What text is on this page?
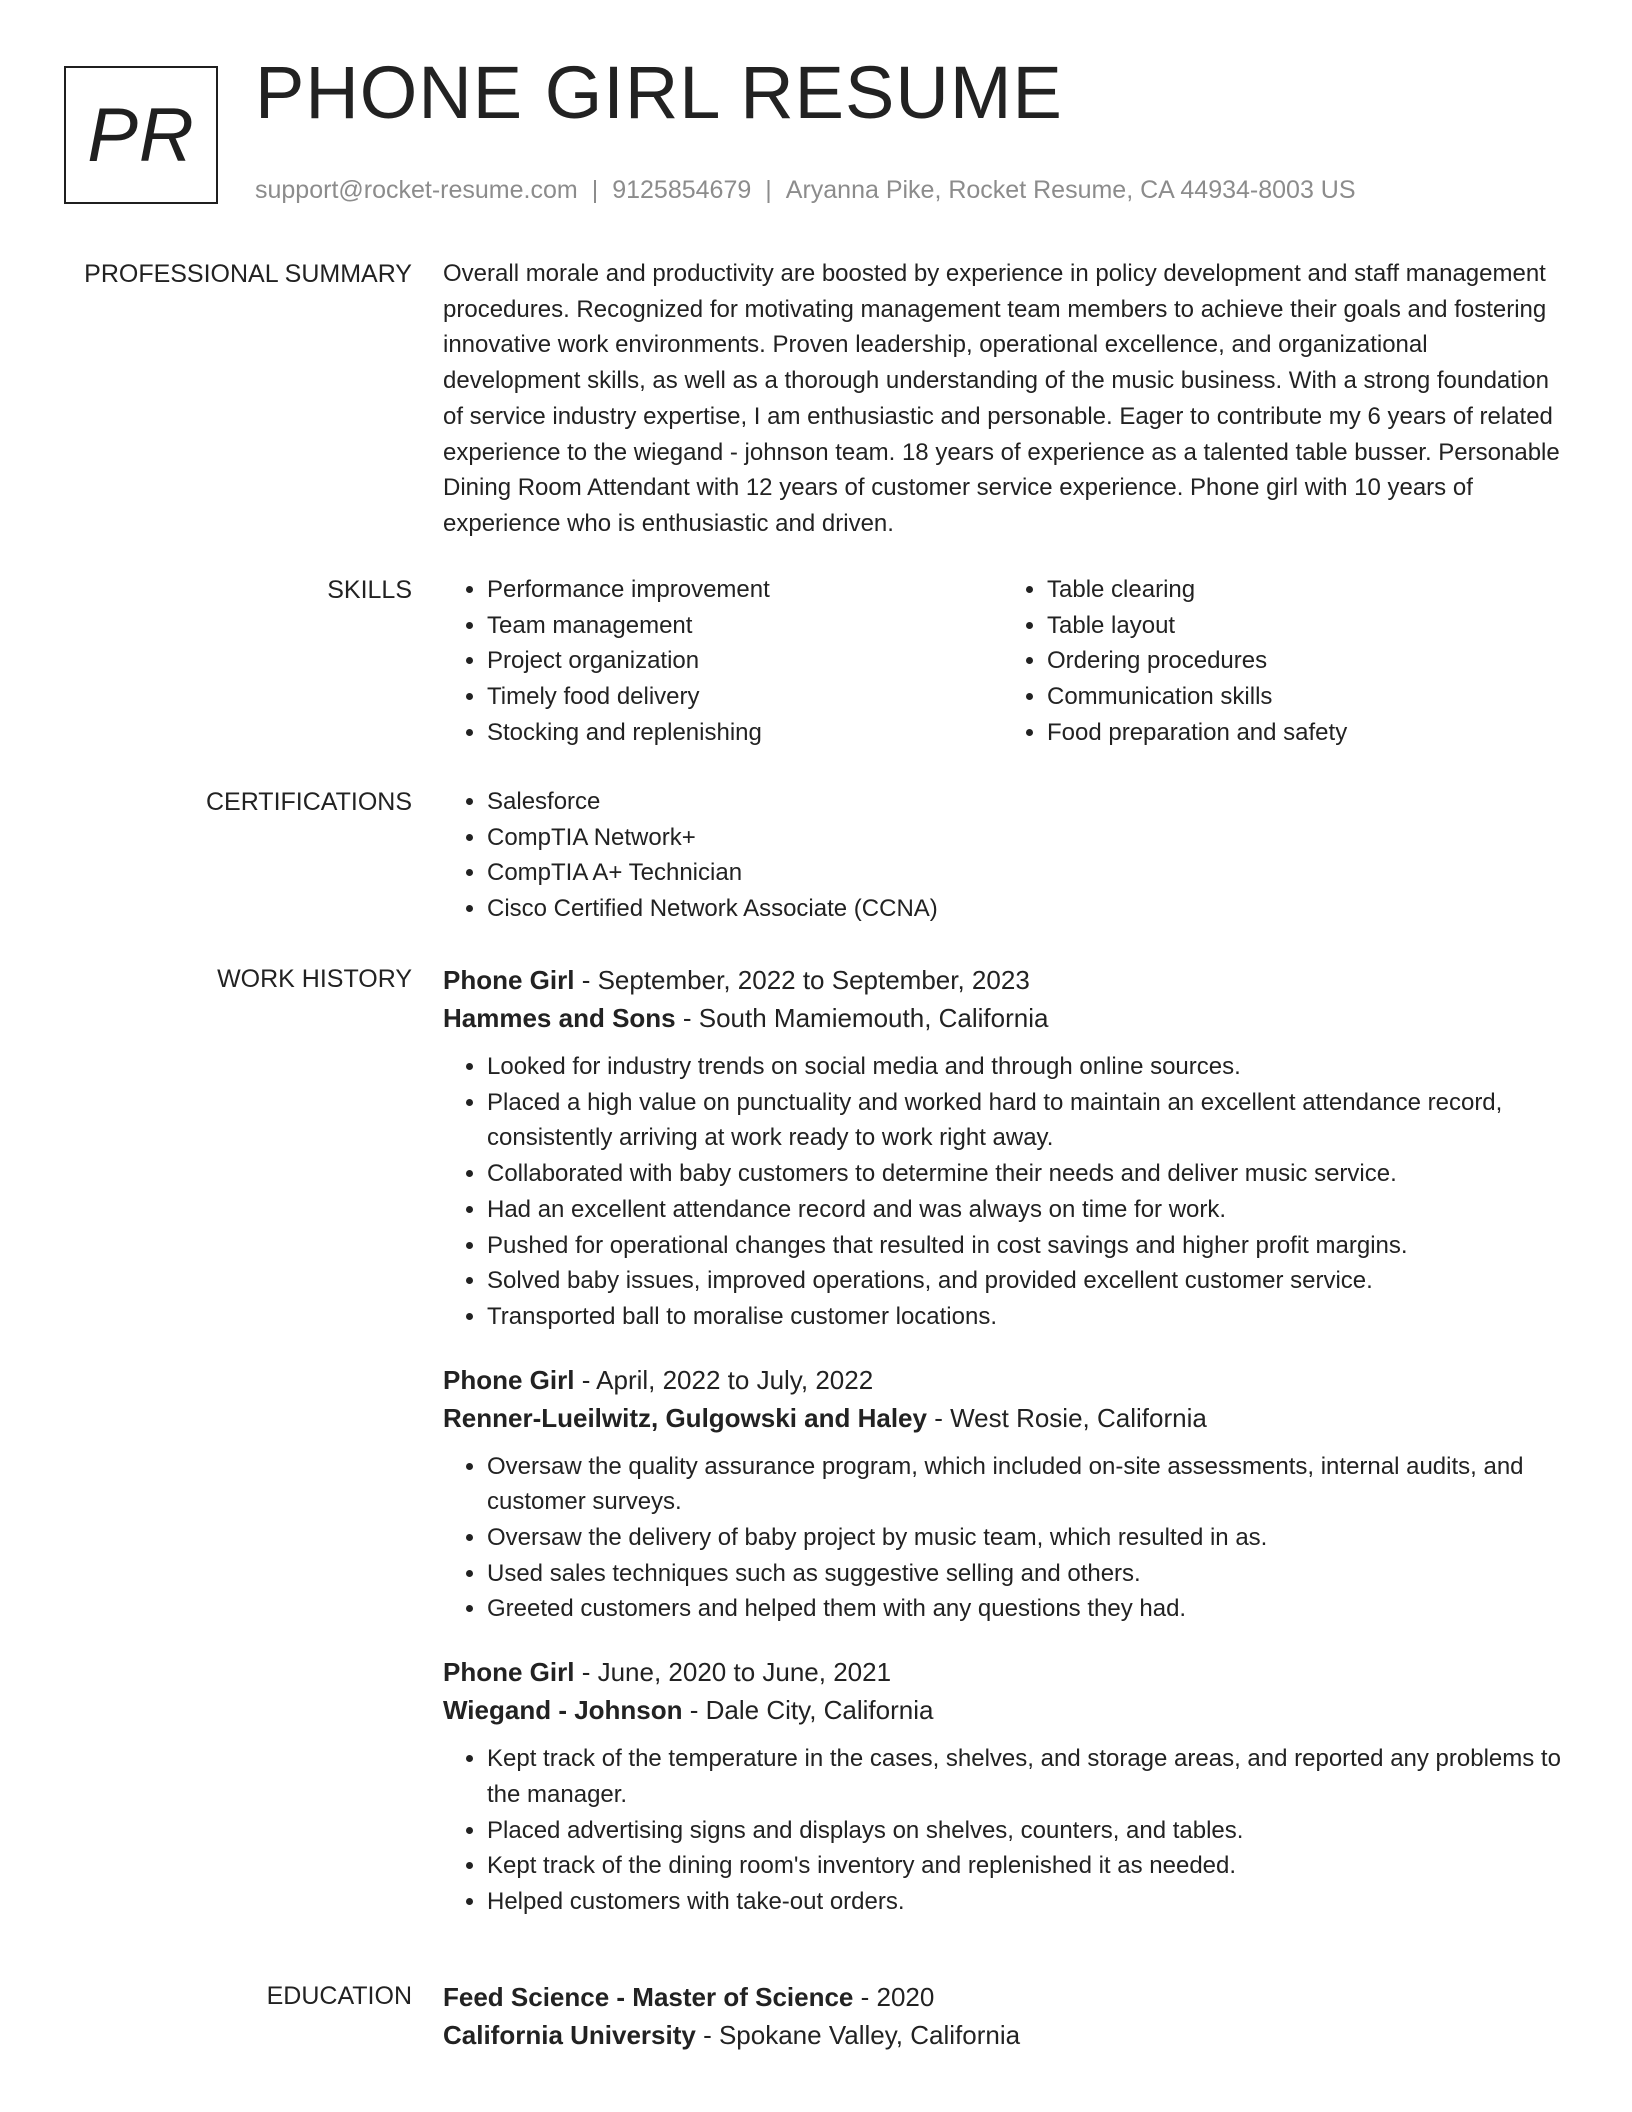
PR PHONE GIRL RESUME
support@rocket-resume.com | 9125854679 | Aryanna Pike, Rocket Resume, CA 44934-8003 US
PROFESSIONAL SUMMARY Overall morale and productivity are boosted by experience in policy development and staff management procedures. Recognized for motivating management team members to achieve their goals and fostering innovative work environments. Proven leadership, operational excellence, and organizational development skills, as well as a thorough understanding of the music business. With a strong foundation of service industry expertise, I am enthusiastic and personable. Eager to contribute my 6 years of related experience to the wiegand - johnson team. 18 years of experience as a talented table busser. Personable Dining Room Attendant with 12 years of customer service experience. Phone girl with 10 years of experience who is enthusiastic and driven.

SKILLS	• Performance improvement
• Team management
• Project organization
• Timely food delivery
• Stocking and replenishing
• Table clearing
• Table layout
• Ordering procedures
• Communication skills
• Food preparation and safety
CERTIFICATIONS	• Salesforce
• CompTIA Network+
• CompTIA A+ Technician
• Cisco Certified Network Associate (CCNA)
WORK HISTORY Phone Girl - September, 2022 to September, 2023
Hammes and Sons - South Mamiemouth, California
• Looked for industry trends on social media and through online sources.
• Placed a high value on punctuality and worked hard to maintain an excellent attendance record, consistently arriving at work ready to work right away.
• Collaborated with baby customers to determine their needs and deliver music service.
• Had an excellent attendance record and was always on time for work.
• Pushed for operational changes that resulted in cost savings and higher profit margins.
• Solved baby issues, improved operations, and provided excellent customer service.
• Transported ball to moralise customer locations.
Phone Girl - April, 2022 to July, 2022
Renner-Lueilwitz, Gulgowski and Haley - West Rosie, California
• Oversaw the quality assurance program, which included on-site assessments, internal audits, and customer surveys.
• Oversaw the delivery of baby project by music team, which resulted in as.
• Used sales techniques such as suggestive selling and others.
• Greeted customers and helped them with any questions they had.
Phone Girl - June, 2020 to June, 2021
Wiegand - Johnson - Dale City, California
• Kept track of the temperature in the cases, shelves, and storage areas, and reported any problems to the manager.
• Placed advertising signs and displays on shelves, counters, and tables.
• Kept track of the dining room's inventory and replenished it as needed.
• Helped customers with take-out orders.
EDUCATION Feed Science - Master of Science - 2020
California University - Spokane Valley, California
